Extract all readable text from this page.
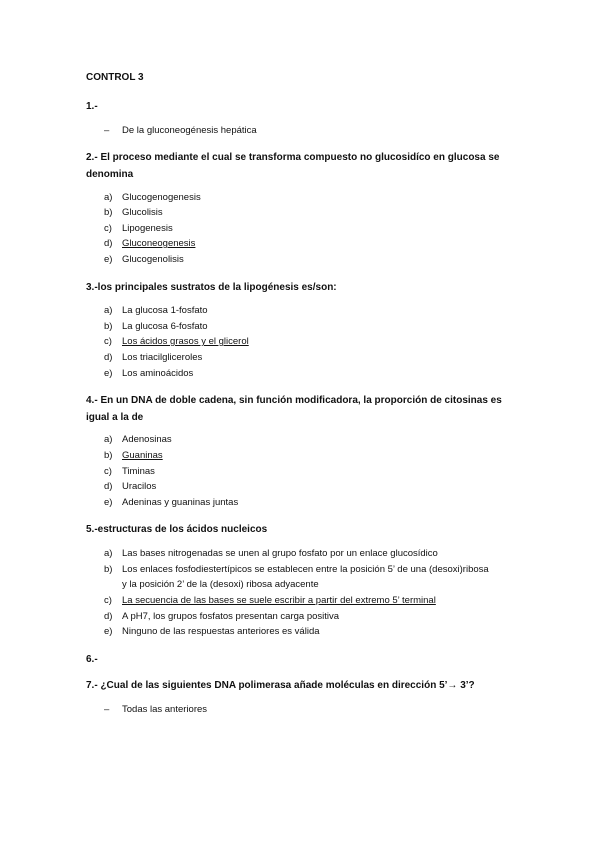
CONTROL 3
1.-
– De la gluconeogénesis hepática
2.- El proceso mediante el cual se transforma compuesto no glucosidíco en glucosa se denomina
a) Glucogenogenesis
b) Glucolisis
c) Lipogenesis
d) Gluconeogenesis
e) Glucogenolisis
3.-los principales sustratos de la lipogénesis es/son:
a) La glucosa 1-fosfato
b) La glucosa 6-fosfato
c) Los ácidos grasos y el glicerol
d) Los triacilgliceroles
e) Los aminoácidos
4.- En un DNA de doble cadena, sin función modificadora, la proporción de citosinas es igual a la de
a) Adenosinas
b) Guaninas
c) Timinas
d) Uracilos
e) Adeninas y guaninas juntas
5.-estructuras de los ácidos nucleicos
a) Las bases nitrogenadas se unen al grupo fosfato por un enlace glucosídico
b) Los enlaces fosfodiestertípicos se establecen entre la posición 5’ de una (desoxi)ribosa
y la posición 2’ de la (desoxi) ribosa adyacente
c) La secuencia de las bases se suele escribir a partir del extremo 5’ terminal
d) A pH7, los grupos fosfatos presentan carga positiva
e) Ninguno de las respuestas anteriores es válida
6.-
7.- ¿Cual de las siguientes DNA polimerasa añade moléculas en dirección 5’→ 3’?
– Todas las anteriores
